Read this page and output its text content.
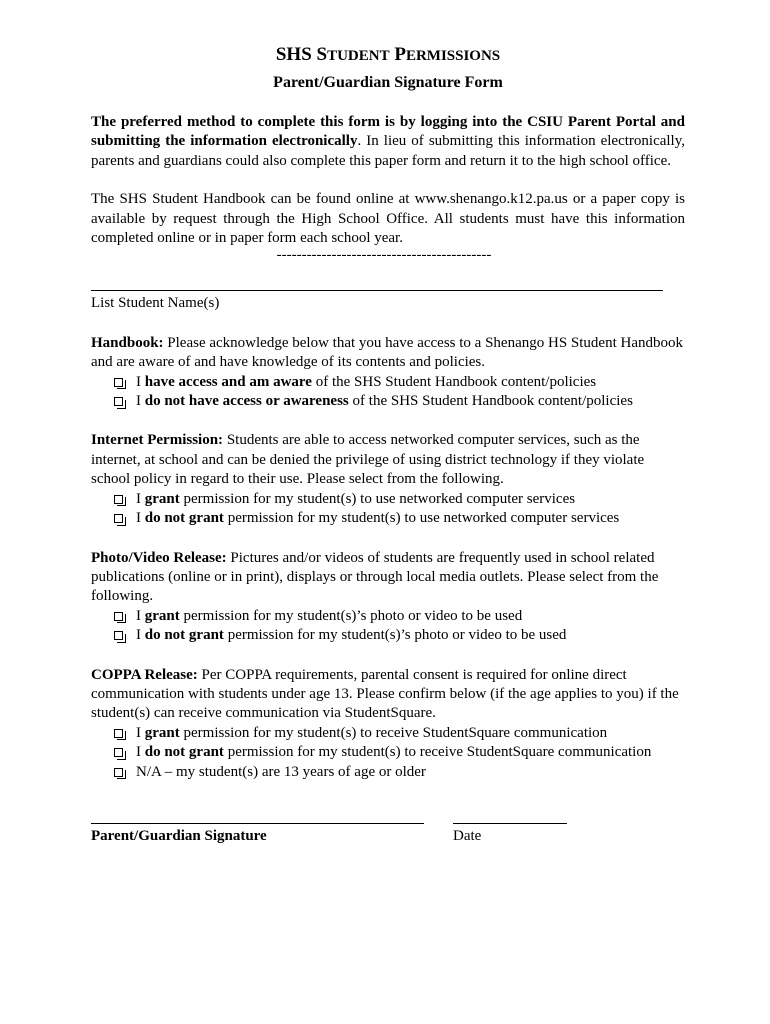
SHS STUDENT PERMISSIONS
Parent/Guardian Signature Form

The preferred method to complete this form is by logging into the CSIU Parent Portal and submitting the information electronically. In lieu of submitting this information electronically, parents and guardians could also complete this paper form and return it to the high school office.

The SHS Student Handbook can be found online at www.shenango.k12.pa.us or a paper copy is available by request through the High School Office. All students must have this information completed online or in paper form each school year.

-------------------------------------------

List Student Name(s)

Handbook: Please acknowledge below that you have access to a Shenango HS Student Handbook and are aware of and have knowledge of its contents and policies.

I have access and am aware of the SHS Student Handbook content/policies
I do not have access or awareness of the SHS Student Handbook content/policies

Internet Permission: Students are able to access networked computer services, such as the internet, at school and can be denied the privilege of using district technology if they violate school policy in regard to their use. Please select from the following.

I grant permission for my student(s) to use networked computer services
I do not grant permission for my student(s) to use networked computer services

Photo/Video Release: Pictures and/or videos of students are frequently used in school related publications (online or in print), displays or through local media outlets. Please select from the following.

I grant permission for my student(s)’s photo or video to be used
I do not grant permission for my student(s)’s photo or video to be used

COPPA Release: Per COPPA requirements, parental consent is required for online direct communication with students under age 13. Please confirm below (if the age applies to you) if the student(s) can receive communication via StudentSquare.

I grant permission for my student(s) to receive StudentSquare communication
I do not grant permission for my student(s) to receive StudentSquare communication
N/A – my student(s) are 13 years of age or older
Parent/Guardian Signature	Date
